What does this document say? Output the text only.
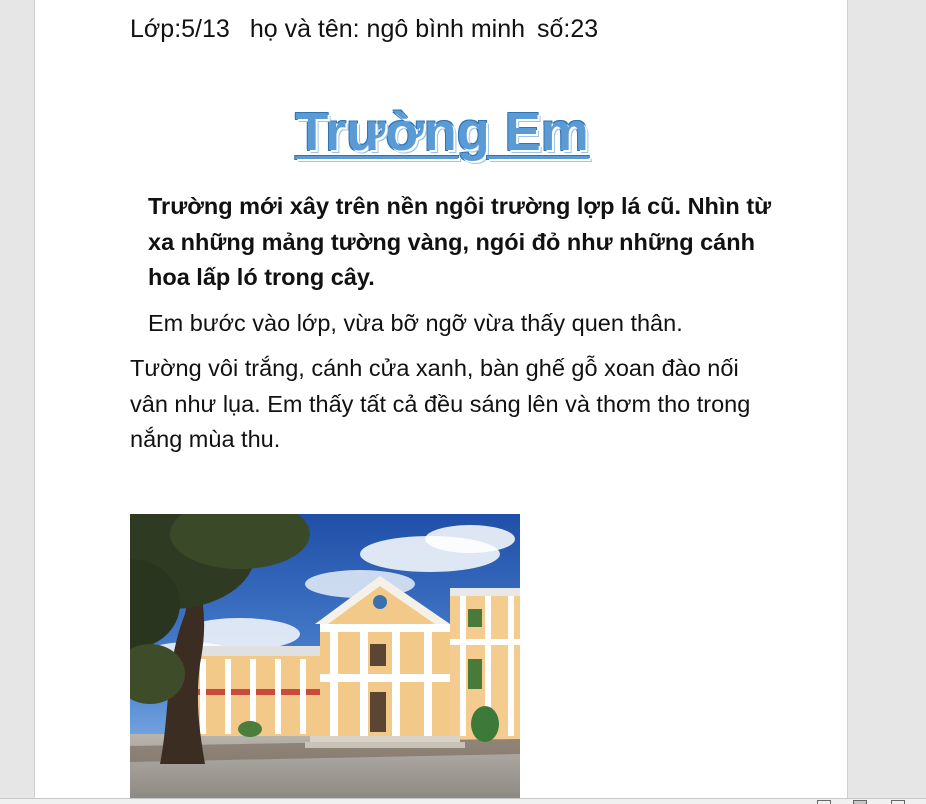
Lớp:5/13 họ và tên: ngô bình minh số:23
Trường Em
Trường mới xây trên nền ngôi trường lợp lá cũ. Nhìn từ xa những mảng tường vàng, ngói đỏ như những cánh hoa lấp ló trong cây.
Em bước vào lớp, vừa bỡ ngỡ vừa thấy quen thân.
Tường vôi trắng, cánh cửa xanh, bàn ghế gỗ xoan đào nối vân như lụa. Em thấy tất cả đều sáng lên và thơm tho trong nắng mùa thu.
